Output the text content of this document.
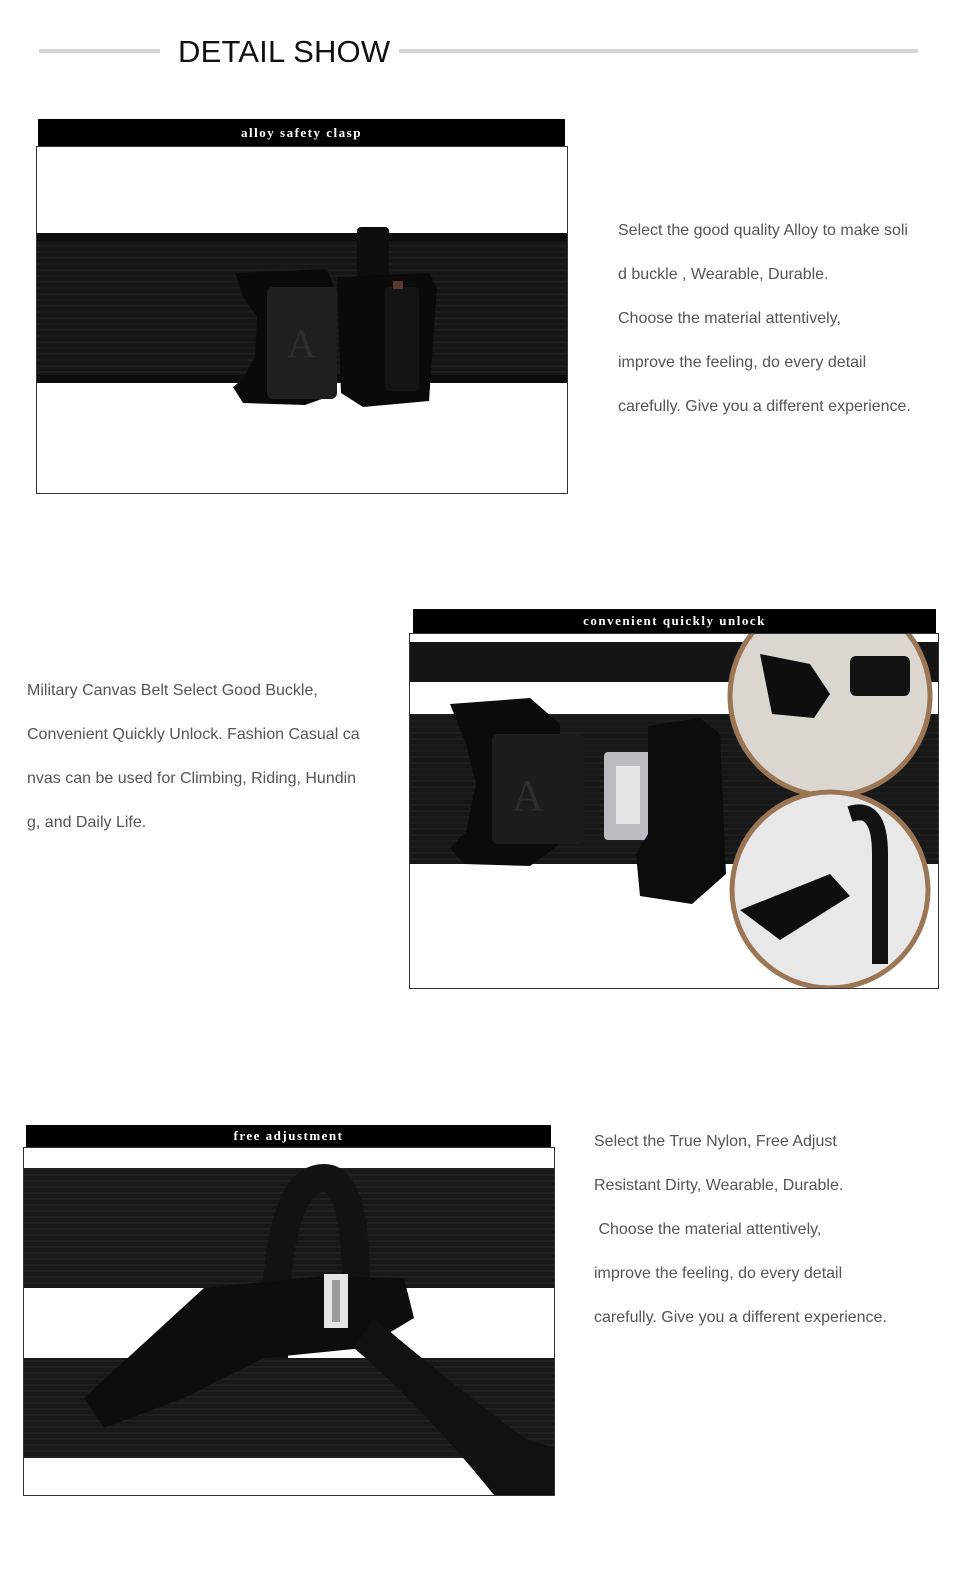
DETAIL SHOW
alloy safety clasp
A
Select the good quality Alloy to make soli
d buckle , Wearable, Durable.
Choose the material attentively,
improve the feeling, do every detail
carefully. Give you a different experience.
convenient quickly unlock
A
Military Canvas Belt Select Good Buckle,
Convenient Quickly Unlock. Fashion Casual ca
nvas can be used for Climbing, Riding, Hundin
g, and Daily Life.
free adjustment	Select the True Nylon, Free Adjust
Resistant Dirty, Wearable, Durable.
Choose the material attentively,
improve the feeling, do every detail
carefully. Give you a different experience.
